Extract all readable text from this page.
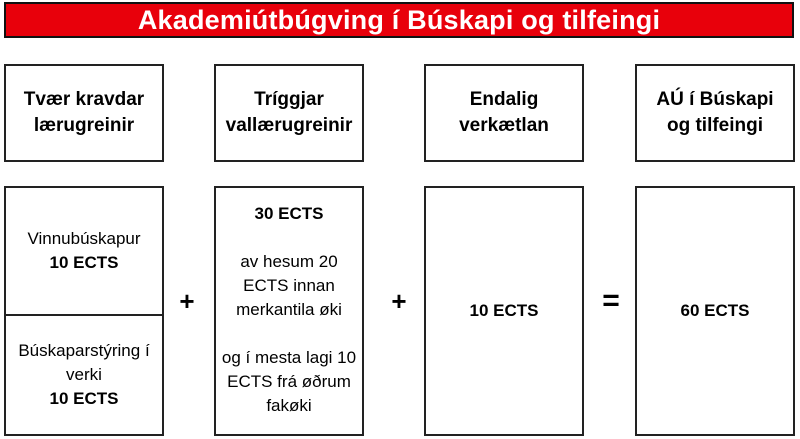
Akademiútbúgving í Búskapi og tilfeingi
Tvær kravdar
lærugreinir
Tríggjar
vallærugreinir
Endalig
verkætlan
AÚ í Búskapi
og tilfeingi
Vinnubúskapur
10 ECTS
Búskaparstýring í
verki
10 ECTS
+
30 ECTS
av hesum 20
ECTS innan
merkantila øki
og í mesta lagi 10
ECTS frá øðrum
fakøki
+	10 ECTS =	60 ECTS
